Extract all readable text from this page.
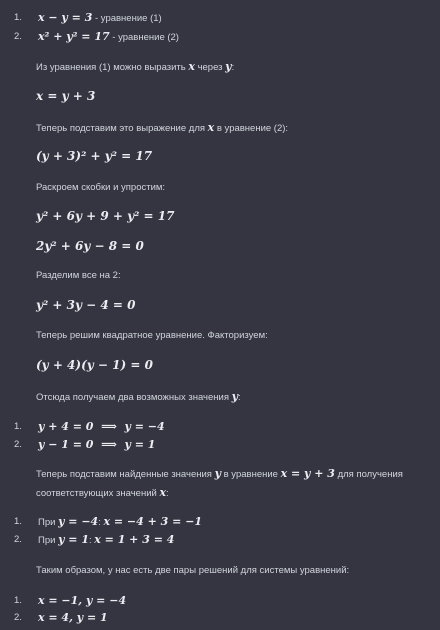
1. x − y = 3 - уравнение (1)
2. x² + y² = 17 - уравнение (2)
Из уравнения (1) можно выразить x через y:
x = y + 3
Теперь подставим это выражение для x в уравнение (2):
(y + 3)² + y² = 17
Раскроем скобки и упростим:
y² + 6y + 9 + y² = 17
2y² + 6y − 8 = 0
Разделим все на 2:
y² + 3y − 4 = 0
Теперь решим квадратное уравнение. Факторизуем:
(y + 4)(y − 1) = 0
Отсюда получаем два возможных значения y:
1. y + 4 = 0  ⟹  y = −4
2. y − 1 = 0  ⟹  y = 1
Теперь подставим найденные значения y в уравнение x = y + 3 для получения
соответствующих значений x:
1. При y = −4: x = −4 + 3 = −1
2. При y = 1: x = 1 + 3 = 4
Таким образом, у нас есть две пары решений для системы уравнений:
1. x = −1, y = −4
2. x = 4, y = 1
